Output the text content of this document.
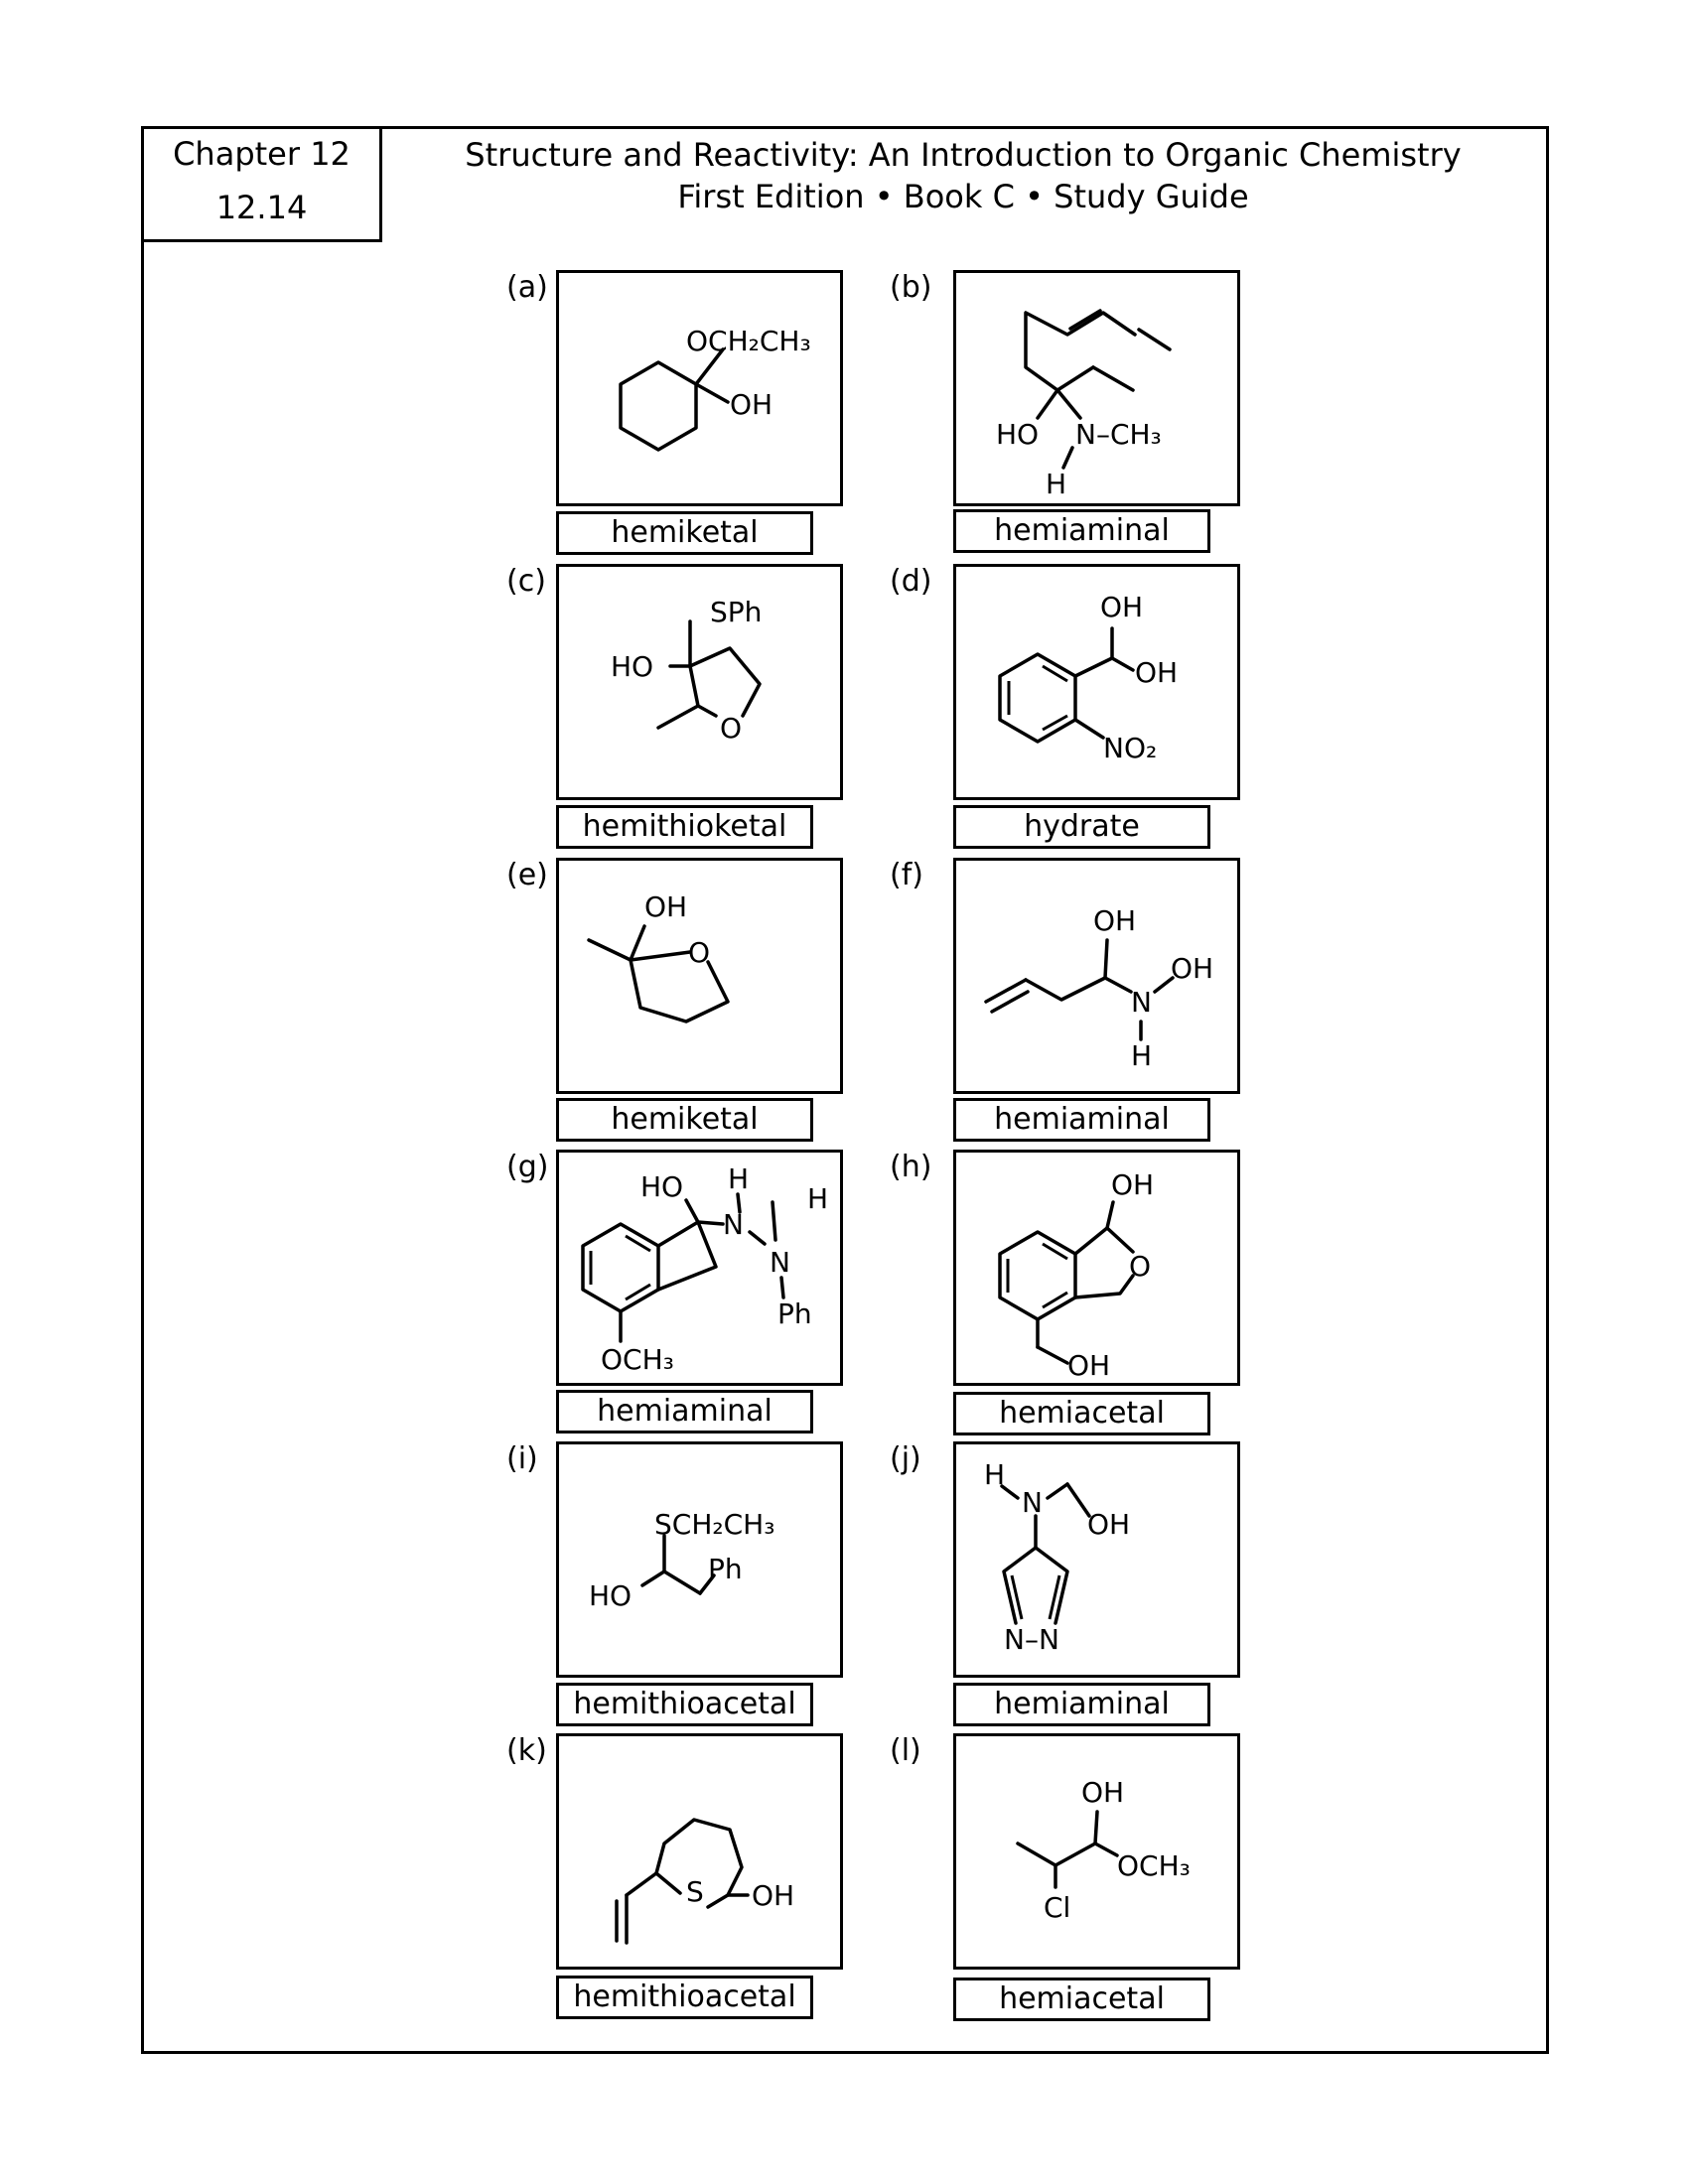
Chapter 12
12.14
Structure and Reactivity: An Introduction to Organic Chemistry
First Edition • Book C • Study Guide
(a)
OCH₂CH₃
OH
hemiketal
(b)
HO N–CH₃
H
hemiaminal
(c)
SPh
HO
O
hemithioketal
(d)
OH
OH
NO₂
hydrate
(e)
OH
O
hemiketal
(f)
OH
N
OH
H
hemiaminal
(g)
HO H
N
H
N
Ph
OCH₃
hemiaminal
(h)
OH
O
OH
hemiacetal
(i)
SCH₂CH₃
Ph
HO
hemithioacetal
(j) H
N
OH
N–N
hemiaminal
(k)
S OH
hemithioacetal
(l)
OH
OCH₃
Cl
hemiacetal
